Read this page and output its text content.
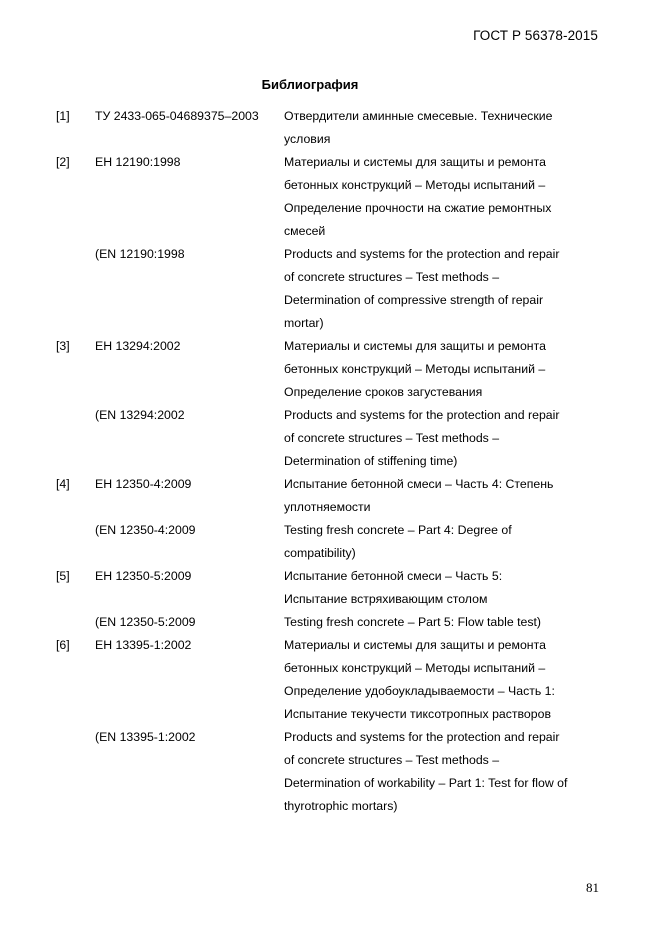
ГОСТ Р 56378-2015
Библиография
[1]	ТУ 2433-065-04689375–2003	Отвердители аминные смесевые. Технические
условия
[2]	ЕН 12190:1998	Материалы и системы для защиты и ремонта
бетонных конструкций – Методы испытаний –
Определение прочности на сжатие ремонтных
смесей
(EN 12190:1998	Products and systems for the protection and repair
of concrete structures – Test methods –
Determination of compressive strength of repair
mortar)
[3]	ЕН 13294:2002	Материалы и системы для защиты и ремонта
бетонных конструкций – Методы испытаний –
Определение сроков загустевания
(EN 13294:2002	Products and systems for the protection and repair
of concrete structures – Test methods –
Determination of stiffening time)
[4]	ЕН 12350-4:2009	Испытание бетонной смеси – Часть 4: Степень
уплотняемости
(EN 12350-4:2009	Testing fresh concrete – Part 4: Degree of
compatibility)
[5]	ЕН 12350-5:2009	Испытание бетонной смеси – Часть 5:
Испытание встряхивающим столом
(EN 12350-5:2009	Testing fresh concrete – Part 5: Flow table test)
[6]	ЕН 13395-1:2002	Материалы и системы для защиты и ремонта
бетонных конструкций – Методы испытаний –
Определение удобоукладываемости – Часть 1:
Испытание текучести тиксотропных растворов
(EN 13395-1:2002	Products and systems for the protection and repair
of concrete structures – Test methods –
Determination of workability – Part 1: Test for flow of
thyrotrophic mortars)
81
